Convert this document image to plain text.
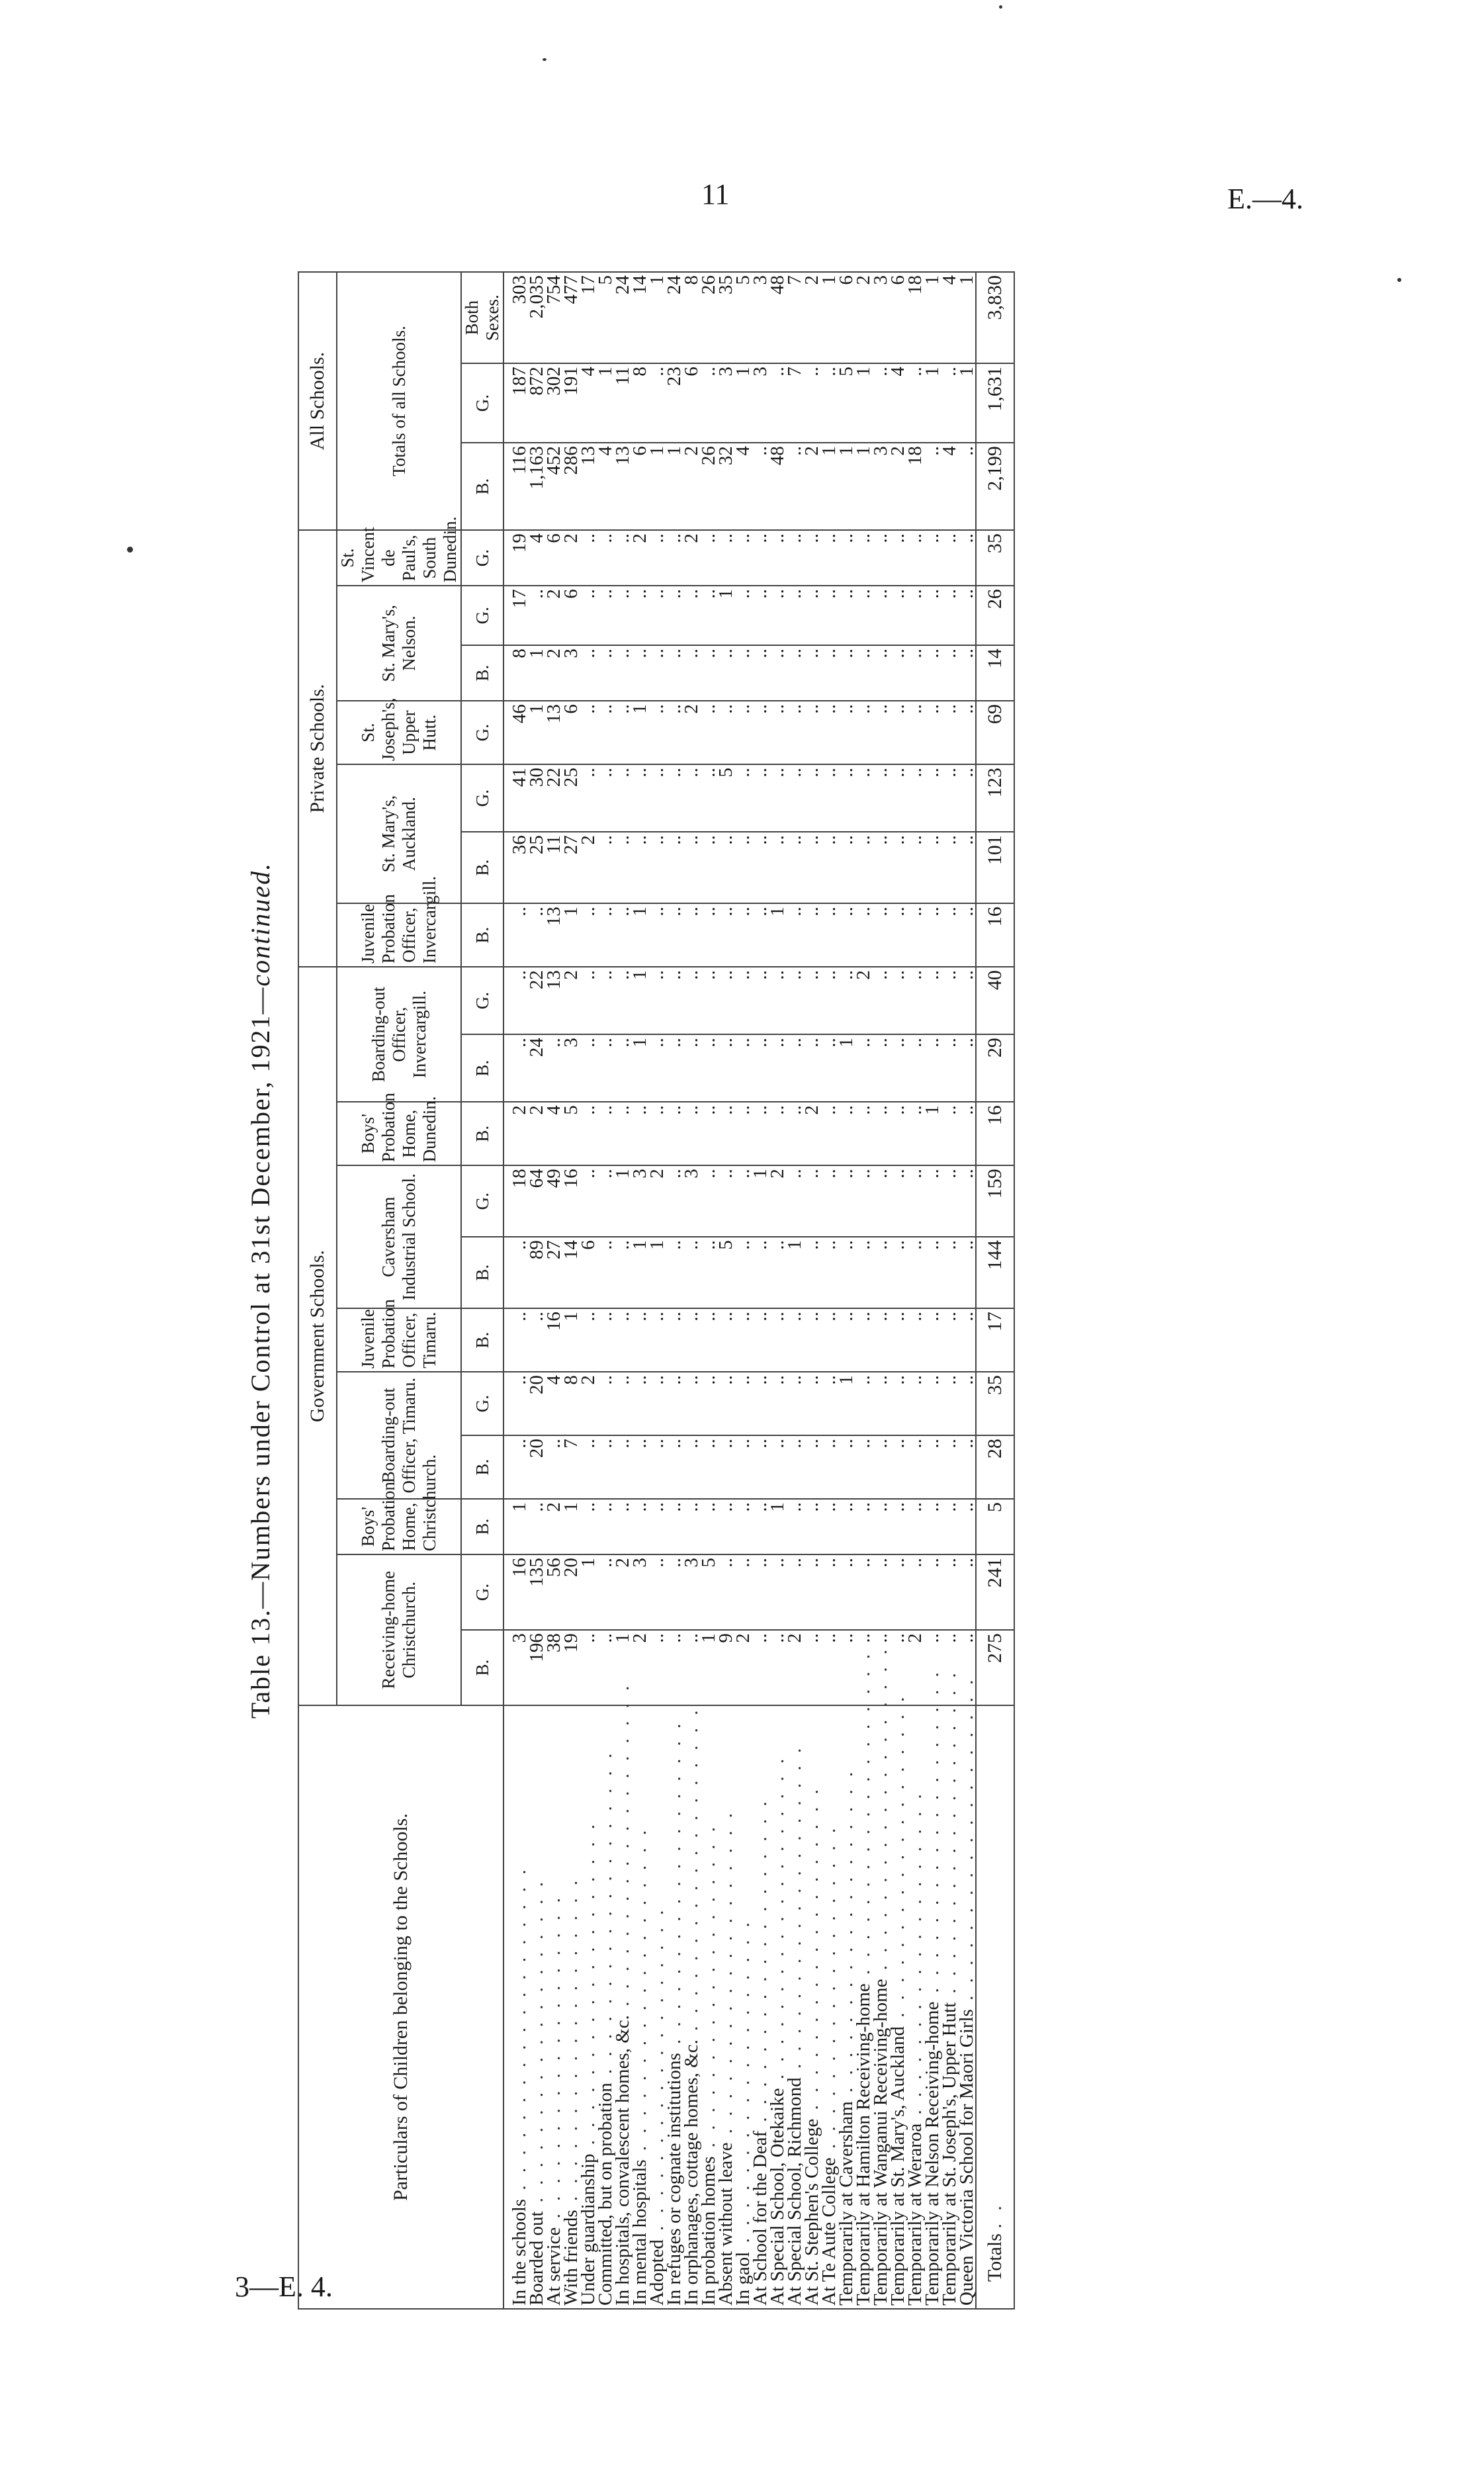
11	E.—4.
3—E. 4.
Table 13.—Numbers under Control at 31st December, 1921—continued.
Particulars of Children belonging to the Schools.	Government Schools.											Private Schools.							All Schools.		
	Receiving-home Christchurch.		Boys' Probation Home, Christchurch.	Boarding-out Officer, Timaru.		Juvenile Probation Officer, Timaru.	Caversham Industrial School.		Boys' Probation Home, Dunedin.	Boarding-out Officer, Invercargill.		Juvenile Probation Officer, Invercargill.	St. Mary's, Auckland.		St. Joseph's, Upper Hutt.	St. Mary's, Nelson.		St. Vincent de Paul's, South Dunedin.	Totals of all Schools.		
	B.	G.	B.	B.	G.	B.	B.	G.	B.	B.	G.	B.	B.	G.	G.	B.	G.	G.	B.	G.	Both Sexes.
In the schools . . . . . . . . . . . . . . . . . . .	3	16	1	..	..	..	..	18	2	..	..	..	36	41	46	8	17	19	116	187	303
Boarded out . . . . . . . . . . . . . . . . . . .	196	135	..	20	20	..	89	64	2	24	22	..	25	30	1	1	..	4	1,163	872	2,035
At service . . . . . . . . . . . . . . . . . . .	38	56	2	..	4	16	27	49	4	..	13	13	11	22	13	2	2	6	452	302	754
With friends . . . . . . . . . . . . . . . . . . .	19	20	1	7	8	1	14	16	5	3	2	1	27	25	6	3	6	2	286	191	477
Under guardianship . . . . . . . . . . . . . . . . . . .	..	1	..	..	2	..	6	..	..	..	..	..	2	..	..	..	..	..	13	4	17
Committed, but on probation . . . . . . . . . . . . . . . . . . .	..	..	..	..	..	..	..	..	..	..	..	..	..	..	..	..	..	..	4	1	5
In hospitals, convalescent homes, &c. . . . . . . . . . . . . . . . . . . .	1	2	..	..	..	..	..	1	..	..	..	..	..	..	..	..	..	..	13	11	24
In mental hospitals . . . . . . . . . . . . . . . . . . .	2	3	..	..	..	..	1	3	..	1	1	1	..	..	1	..	..	2	6	8	14
Adopted . . . . . . . . . . . . . . . . . . .	..	..	..	..	..	..	1	2	..	..	..	..	..	..	..	..	..	..	1	..	1
In refuges or cognate institutions . . . . . . . . . . . . . . . . . . .	..	..	..	..	..	..	..	..	..	..	..	..	..	..	..	..	..	..	1	23	24
In orphanages, cottage homes, &c. . . . . . . . . . . . . . . . . . . .	..	3	..	..	..	..	..	3	..	..	..	..	..	..	2	..	..	2	2	6	8
In probation homes . . . . . . . . . . . . . . . . . . .	1	5	..	..	..	..	..	..	..	..	..	..	..	..	..	..	..	..	26	..	26
Absent without leave . . . . . . . . . . . . . . . . . . .	9	..	..	..	..	..	5	..	..	..	..	..	..	5	..	..	1	..	32	3	35
In gaol . . . . . . . . . . . . . . . . . . .	2	..	..	..	..	..	..	..	..	..	..	..	..	..	..	..	..	..	4	1	5
At School for the Deaf . . . . . . . . . . . . . . . . . . .	..	..	..	..	..	..	..	1	..	..	..	..	..	..	..	..	..	..	..	3	3
At Special School, Otekaike . . . . . . . . . . . . . . . . . . .	..	..	1	..	..	..	..	2	..	..	..	1	..	..	..	..	..	..	48	..	48
At Special School, Richmond . . . . . . . . . . . . . . . . . . .	2	..	..	..	..	..	1	..	..	..	..	..	..	..	..	..	..	..	..	7	7
At St. Stephen's College . . . . . . . . . . . . . . . . . . .	..	..	..	..	..	..	..	..	2	..	..	..	..	..	..	..	..	..	2	..	2
At Te Aute College . . . . . . . . . . . . . . . . . . .	..	..	..	..	..	..	..	..	..	..	..	..	..	..	..	..	..	..	1	..	1
Temporarily at Caversham . . . . . . . . . . . . . . . . . . .	..	..	..	..	1	..	..	..	..	1	..	..	..	..	..	..	..	..	1	5	6
Temporarily at Hamilton Receiving-home . . . . . . . . . . . . . . . . . . .	..	..	..	..	..	..	..	..	..	..	2	..	..	..	..	..	..	..	1	1	2
Temporarily at Wanganui Receiving-home . . . . . . . . . . . . . . . . . . .	..	..	..	..	..	..	..	..	..	..	..	..	..	..	..	..	..	..	3	..	3
Temporarily at St. Mary's, Auckland . . . . . . . . . . . . . . . . . . .	..	..	..	..	..	..	..	..	..	..	..	..	..	..	..	..	..	..	2	4	6
Temporarily at Weraroa . . . . . . . . . . . . . . . . . . .	2	..	..	..	..	..	..	..	..	..	..	..	..	..	..	..	..	..	18	..	18
Temporarily at Nelson Receiving-home . . . . . . . . . . . . . . . . . . .	..	..	..	..	..	..	..	..	1	..	..	..	..	..	..	..	..	..	..	1	1
Temporarily at St. Joseph's, Upper Hutt . . . . . . . . . . . . . . . . . . .	..	..	..	..	..	..	..	..	..	..	..	..	..	..	..	..	..	..	4	..	4
Queen Victoria School for Maori Girls . . . . . . . . . . . . . . . . . . .	..	..	..	..	..	..	..	..	..	..	..	..	..	..	..	..	..	..	..	1	1
Totals . .	275	241	5	28	35	17	144	159	16	29	40	16	101	123	69	14	26	35	2,199	1,631	3,830
